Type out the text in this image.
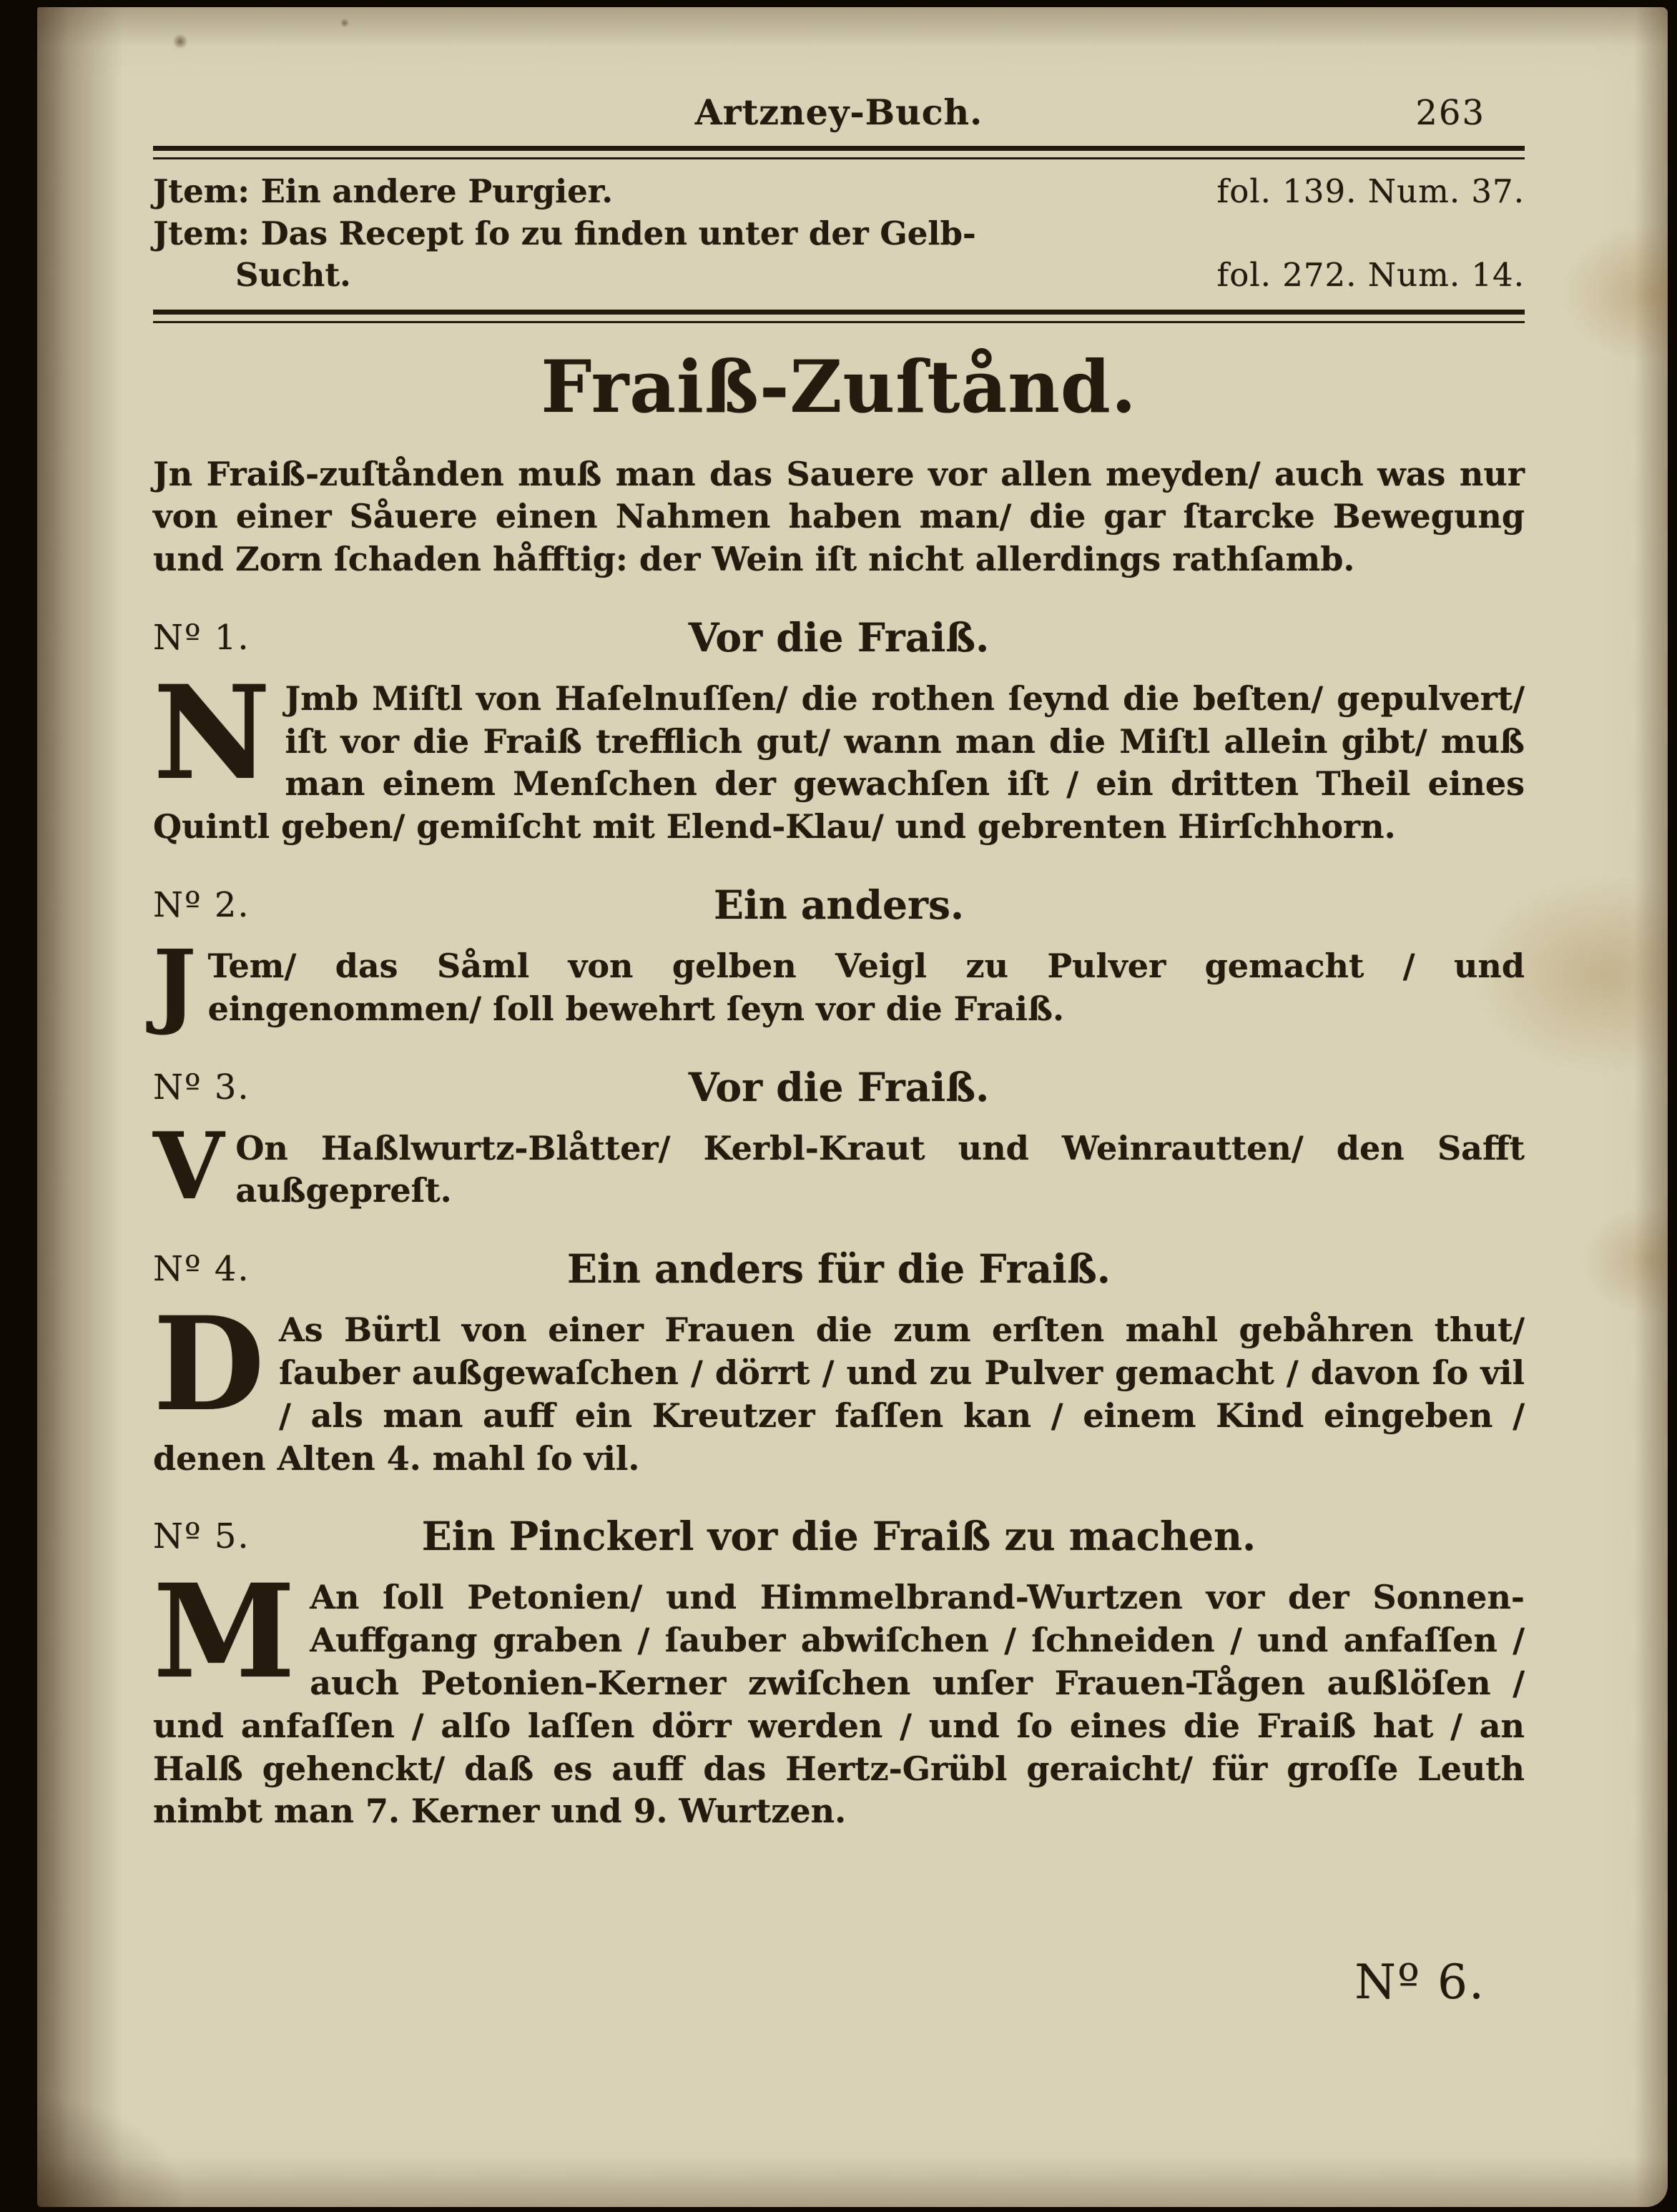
Artzney-Buch.	263
Jtem: Ein andere Purgier.	fol. 139. Num. 37.
Jtem: Das Recept ſo zu finden unter der Gelb-
Sucht.	fol. 272. Num. 14.
Fraiß-Zuſtånd.

Jn Fraiß-zuſtånden muß man das Sauere vor allen meyden/ auch was nur von einer Såuere einen Nahmen haben man/ die gar ſtarcke Bewegung und Zorn ſchaden håfftig: der Wein iſt nicht allerdings rathſamb.

Nº 1.	Vor die Fraiß.

N Jmb Miſtl von Haſelnuſſen/ die rothen ſeynd die beſten/ gepulvert/ iſt vor die Fraiß trefflich gut/ wann man die Miſtl allein gibt/ muß man einem Menſchen der gewachſen iſt / ein dritten Theil eines Quintl geben/ gemiſcht mit Elend-Klau/ und gebrenten Hirſchhorn.

Nº 2.	Ein anders.

J Tem/ das Såml von gelben Veigl zu Pulver gemacht / und eingenommen/ ſoll bewehrt ſeyn vor die Fraiß.

Nº 3.	Vor die Fraiß.

V On Haßlwurtz-Blåtter/ Kerbl-Kraut und Weinrautten/ den Safft außgepreſt.

Nº 4.	Ein anders für die Fraiß.

D As Bürtl von einer Frauen die zum erſten mahl gebåhren thut/ ſauber außgewaſchen / dörrt / und zu Pulver gemacht / davon ſo vil / als man auff ein Kreutzer faſſen kan / einem Kind eingeben / denen Alten 4. mahl ſo vil.

Nº 5.	Ein Pinckerl vor die Fraiß zu machen.

M An ſoll Petonien/ und Himmelbrand-Wurtzen vor der Sonnen-Auffgang graben / ſauber abwiſchen / ſchneiden / und anfaſſen / auch Petonien-Kerner zwiſchen unſer Frauen-Tågen außlöſen / und anfaſſen / alſo laſſen dörr werden / und ſo eines die Fraiß hat / an Halß gehenckt/ daß es auff das Hertz-Grübl geraicht/ für groſſe Leuth nimbt man 7. Kerner und 9. Wurtzen.

Nº 6.
